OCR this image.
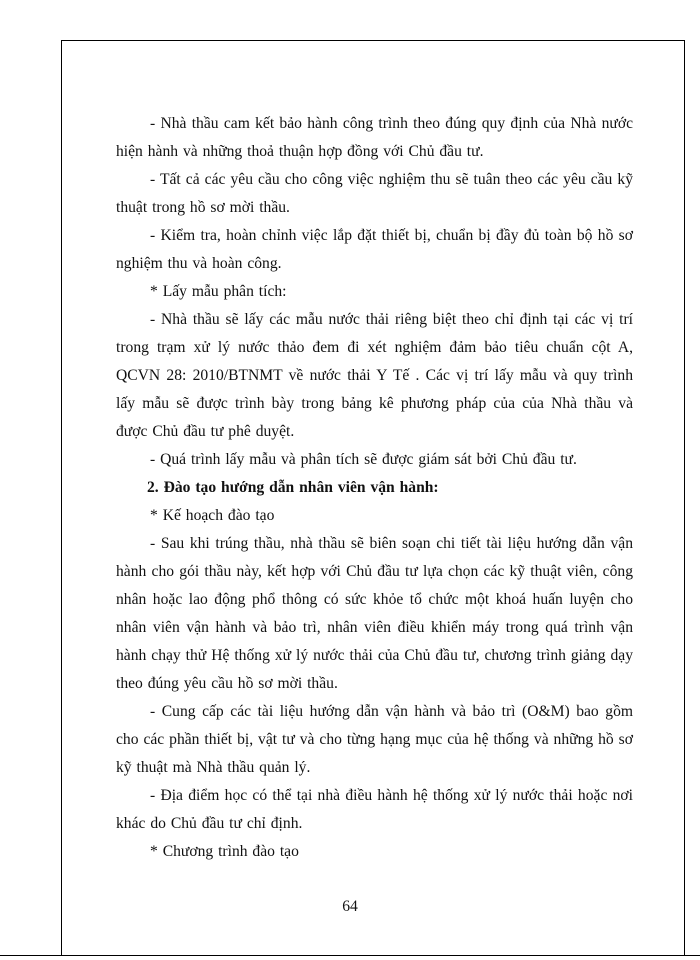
- Nhà thầu cam kết bảo hành công trình theo đúng quy định của Nhà nước hiện hành và những thoả thuận hợp đồng với Chủ đầu tư.

- Tất cả các yêu cầu cho công việc nghiệm thu sẽ tuân theo các yêu cầu kỹ thuật trong hồ sơ mời thầu.

- Kiểm tra, hoàn chỉnh việc lắp đặt thiết bị, chuẩn bị đầy đủ toàn bộ hồ sơ nghiệm thu và hoàn công.

* Lấy mẫu phân tích:

- Nhà thầu sẽ lấy các mẫu nước thải riêng biệt theo chỉ định tại các vị trí trong trạm xử lý nước thảo đem đi xét nghiệm đảm bảo tiêu chuẩn cột A, QCVN 28: 2010/BTNMT về nước thải Y Tế . Các vị trí lấy mẫu và quy trình lấy mẫu sẽ được trình bày trong bảng kê phương pháp của của Nhà thầu và được Chủ đầu tư phê duyệt.

- Quá trình lấy mẫu và phân tích sẽ được giám sát bởi Chủ đầu tư.

2. Đào tạo hướng dẫn nhân viên vận hành:

* Kế hoạch đào tạo

- Sau khi trúng thầu, nhà thầu sẽ biên soạn chi tiết tài liệu hướng dẫn vận hành cho gói thầu này, kết hợp với Chủ đầu tư lựa chọn các kỹ thuật viên, công nhân hoặc lao động phổ thông có sức khỏe tổ chức một khoá huấn luyện cho nhân viên vận hành và bảo trì, nhân viên điều khiển máy trong quá trình vận hành chạy thử Hệ thống xử lý nước thải của Chủ đầu tư, chương trình giảng dạy theo đúng yêu cầu hồ sơ mời thầu.

- Cung cấp các tài liệu hướng dẫn vận hành và bảo trì (O&M) bao gồm cho các phần thiết bị, vật tư và cho từng hạng mục của hệ thống và những hồ sơ kỹ thuật mà Nhà thầu quản lý.

- Địa điểm học có thể tại nhà điều hành hệ thống xử lý nước thải hoặc nơi khác do Chủ đầu tư chỉ định.

* Chương trình đào tạo

64
